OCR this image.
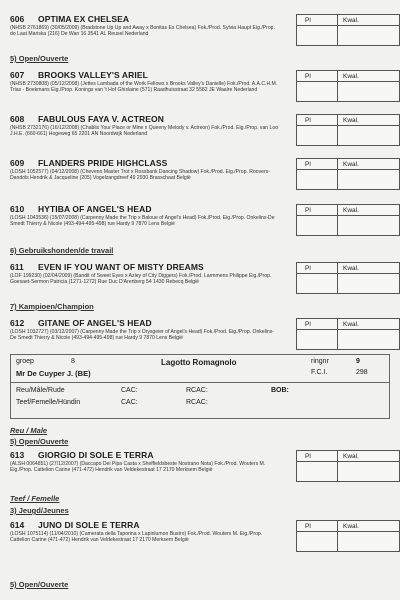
606	OPTIMA EX CHELSEA
(NHSB 2761869) (30/05/2009) (Bradstone Up Up and Away x Bonitas Ex Chelsea) Fok./Prod. Sylvia Haupt Eig./Prop. do Laat Mariska (216) De Wan 16 3541 AL Reusel Nederland
Pl	Kwal.
5) Open/Ouverte
607	BROOKS VALLEY'S ARIEL
(NHSB 2730808) (05/12/2008) (Jettes Lambada of the Work Fellows x Brooks Valley's Danielle) Fok./Prod. A.A.C.H.M. Trias - Boekmans Eig./Prop. Konings van 't Hof Ghislaine (571) Raadhuisstraat 32 5582 JE Waalre Nederland
Pl	Kwal.
608	FABULOUS FAYA V. ACTREON
(NHSB 2732176) (16/12/2008) (Chablis Your Place or Mine x Queeny Melody v. Actreon) Fok./Prod. Eig./Prop. van Loo J.H.E. (660-661) Hogeweg 65 2201 AN Noordwijk Nederland
Pl	Kwal.
609	FLANDERS PRIDE HIGHCLASS
(LOSH 1052577) (04/12/2008) (Cheveno Master Trot x Rossbank Dancing Shadow) Fok./Prod. Eig./Prop. Roovers-Dandols Hendrik & Jacqueline (205) Vogelzangdreef 49 2930 Brasschaat België
Pl	Kwal.
610	HYTIBA OF ANGEL'S HEAD
(LOSH 1043536) (15/07/2008) (Carpenny Made the Trip x Baloue of Angel's Head) Fok./Prod. Eig./Prop. Onkelinx-De Smedt Thierry & Nicole (493-494-495-498) rue Hardy 9 7870 Lens België
Pl	Kwal.
6) Gebruikshonden/de travail
611	EVEN IF YOU WANT OF MISTY DREAMS
(LOF 199230) (02/04/2009) (Bandit of Sweet Eyes x Azley of City Diggers) Fok./Prod. Larmmens Philippe Eig./Prop. Goesaet-Sermon Patricia (1271-1272) Rue Duc D'Arenberg 54 1430 Rebecq België
Pl	Kwal.
7) Kampioen/Champion
612	GITANE OF ANGEL'S HEAD
(LOSH 1032727) (03/12/2007) (Carpenny Made the Trip x Drysgeier of Angel's Head) Fok./Prod. Eig./Prop. Onkelinx-De Smedt Thierry & Nicole (493-494-495-498) rue Hardy 9 7870 Lens België
Pl	Kwal.
groep	8	Lagotto Romagnolo	ringnr	9
Mr De Cuyper J. (BE)	F.C.I.	298
Reu/Mâle/Rude	CAC:	RCAC:	BOB:
Teef/Femelle/Hündin	CAC:	RCAC:
Reu / Male
5) Open/Ouverte
613	GIORGIO DI SOLE E TERRA
(ALSH 0064851) (27/12/2007) (Daccapo Dei Pipa Casta x Sheffieldsbeste Nostrano Nota) Fok./Prod. Wouters M. Eig./Prop. Cattelion Carine (471-472) Hendrik van Veldekestraat 17 2170 Merksem België
Pl	Kwal.
Teef / Femelle
3) Jeugd/Jeunes
614	JUNO DI SOLE E TERRA
(LOSH 1075114) (11/04/2010) (Camerata della Taporina x Lapinlumon Bustro) Fok./Prod. Wouters M. Eig./Prop. Cattelion Carine (471-472) Hendrik van Veldekestraat 17 2170 Merksem België
Pl	Kwal.
5) Open/Ouverte
